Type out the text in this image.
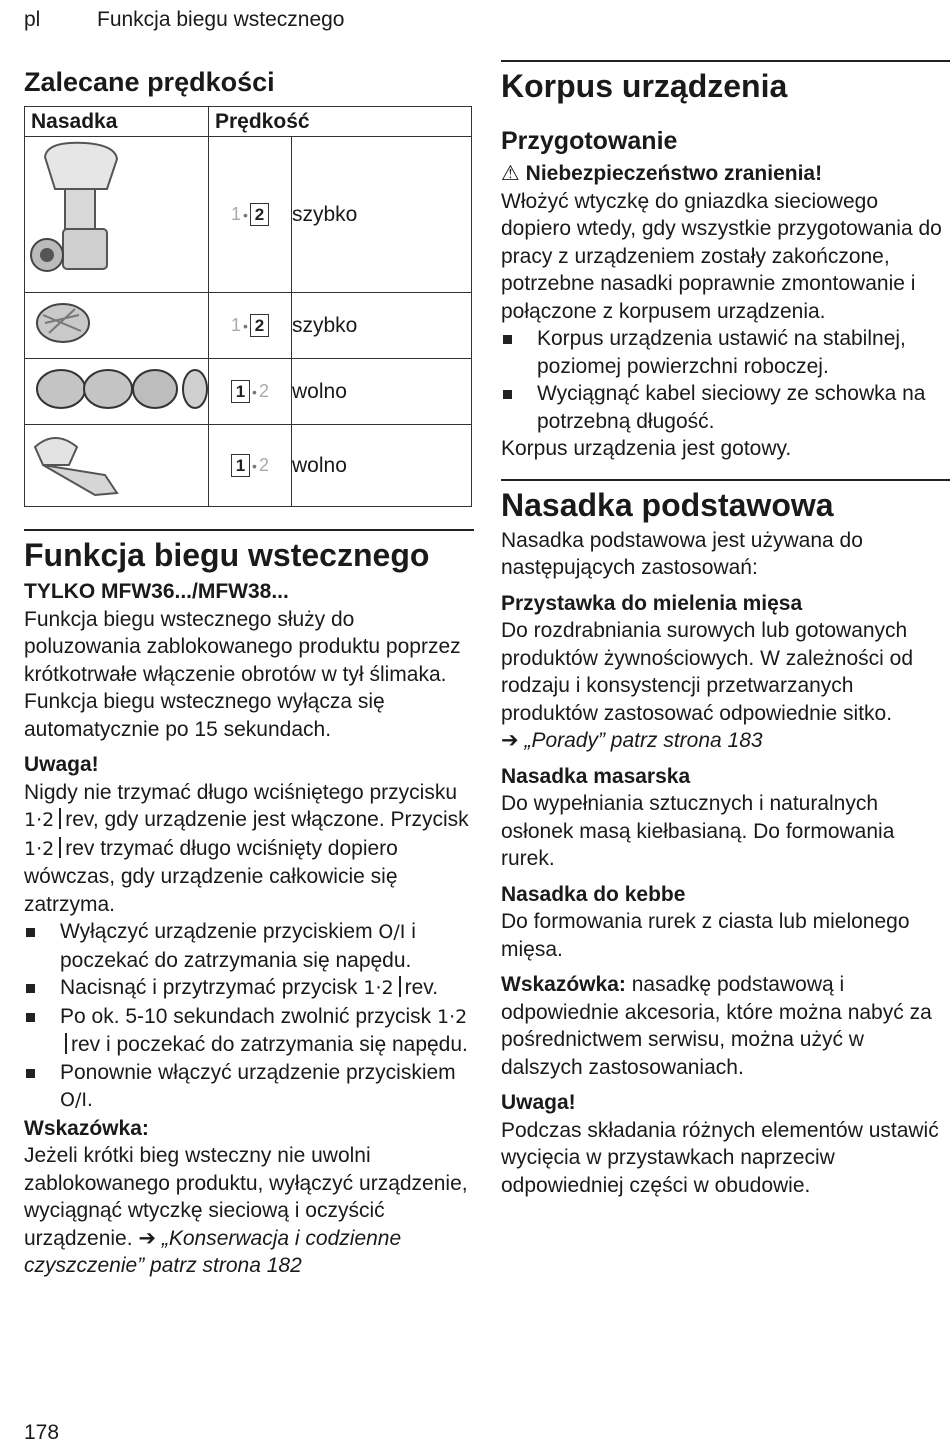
pl	Funkcja biegu wstecznego
Zalecane prędkości
Nasadka	Prędkość	

1 • 2	szybko

1 • 2	szybko

1 • 2	wolno

1 • 2	wolno
Funkcja biegu wstecznego

TYLKO MFW36.../MFW38...

Funkcja biegu wstecznego służy do poluzowania zablokowanego produktu poprzez krótkotrwałe włączenie obrotów w tył ślimaka. Funkcja biegu wstecznego wyłącza się automatycznie po 15 sekundach.

Uwaga!

Nigdy nie trzymać długo wciśniętego przycisku 1·2 rev, gdy urządzenie jest włączone. Przycisk 1·2 rev trzymać długo wciśnięty dopiero wówczas, gdy urządzenie całkowicie się zatrzyma.

Wyłączyć urządzenie przyciskiem O/I i poczekać do zatrzymania się napędu.
Nacisnąć i przytrzymać przycisk 1·2 rev.
Po ok. 5-10 sekundach zwolnić przycisk 1·2rev i poczekać do zatrzymania się napędu.
Ponownie włączyć urządzenie przyciskiem O/I.

Wskazówka:

Jeżeli krótki bieg wsteczny nie uwolni zablokowanego produktu, wyłączyć urządzenie, wyciągnąć wtyczkę sieciową i oczyścić urządzenie. ➔ „Konserwacja i codzienne czyszczenie” patrz strona 182

Korpus urządzenia
Przygotowanie

⚠ Niebezpieczeństwo zranienia!

Włożyć wtyczkę do gniazdka sieciowego dopiero wtedy, gdy wszystkie przygotowania do pracy z urządzeniem zostały zakończone, potrzebne nasadki poprawnie zmontowanie i połączone z korpusem urządzenia.

Korpus urządzenia ustawić na stabilnej, poziomej powierzchni roboczej.
Wyciągnąć kabel sieciowy ze schowka na potrzebną długość.

Korpus urządzenia jest gotowy.

Nasadka podstawowa

Nasadka podstawowa jest używana do następujących zastosowań:

Przystawka do mielenia mięsa

Do rozdrabniania surowych lub gotowanych produktów żywnościowych. W zależności od rodzaju i konsystencji przetwarzanych produktów zastosować odpowiednie sitko.

➔ „Porady” patrz strona 183

Nasadka masarska

Do wypełniania sztucznych i naturalnych osłonek masą kiełbasianą. Do formowania rurek.

Nasadka do kebbe

Do formowania rurek z ciasta lub mielonego mięsa.

Wskazówka: nasadkę podstawową i odpowiednie akcesoria, które można nabyć za pośrednictwem serwisu, można użyć w dalszych zastosowaniach.

Uwaga!

Podczas składania różnych elementów ustawić wycięcia w przystawkach naprzeciw odpowiedniej części w obudowie.

178
